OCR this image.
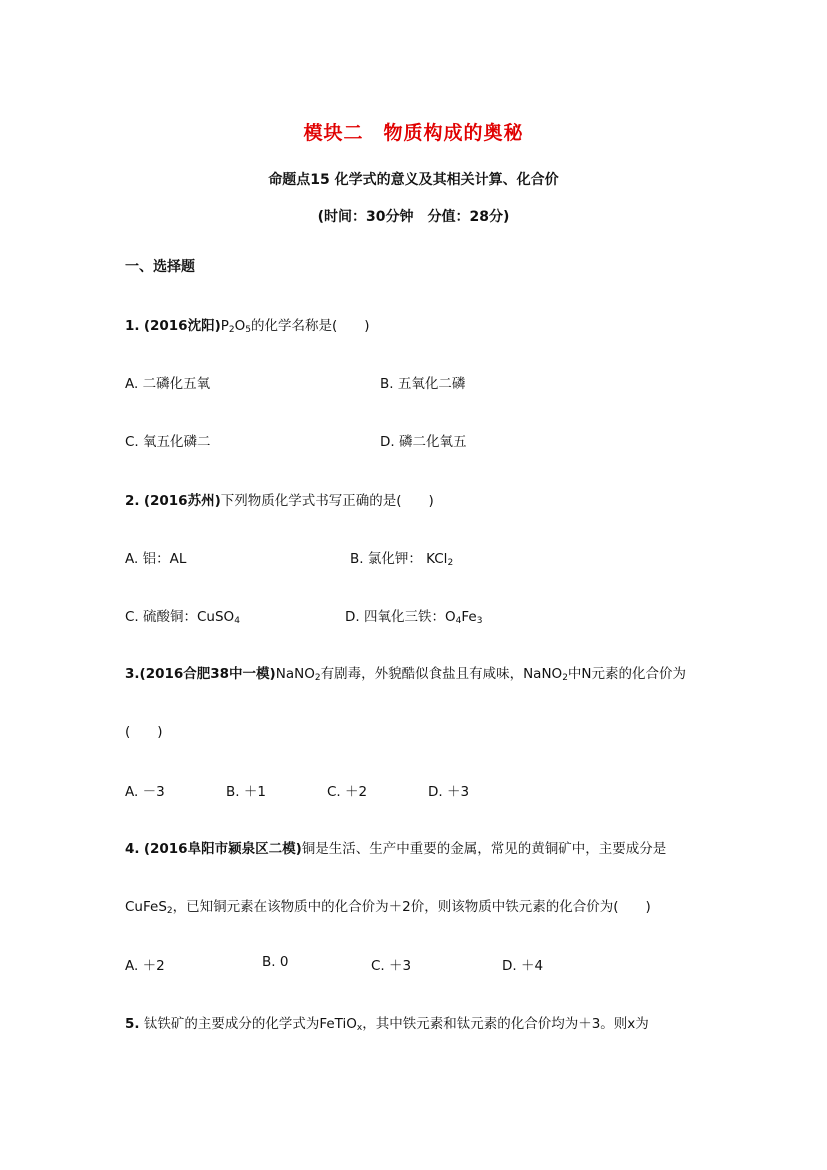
模块二　物质构成的奥秘
命题点15 化学式的意义及其相关计算、化合价
(时间：30分钟　分值：28分)
一、选择题
1. (2016沈阳)$P_2O_5$的化学名称是(　　)
A. 二磷化五氧	B. 五氧化二磷
C. 氧五化磷二	D. 磷二化氧五
2. (2016苏州)下列物质化学式书写正确的是(　　)
A. 铝：AL	B. 氯化钾： KCl$_2$
C. 硫酸铜：CuSO$_4$	D. 四氧化三铁：$O_4Fe_3$
3.(2016合肥38中一模)NaNO$_2$有剧毒，外貌酷似食盐且有咸味，NaNO$_2$中N元素的化合价为
(　　)
A. －3	B. ＋1	C. ＋2	D. ＋3
4. (2016阜阳市颍泉区二模)铜是生活、生产中重要的金属，常见的黄铜矿中，主要成分是
CuFeS$_2$，已知铜元素在该物质中的化合价为＋2价，则该物质中铁元素的化合价为(　　)
A. ＋2	B. 0	C. ＋3	D. ＋4
5. 钛铁矿的主要成分的化学式为FeTiO$_x$，其中铁元素和钛元素的化合价均为＋3。则x为
